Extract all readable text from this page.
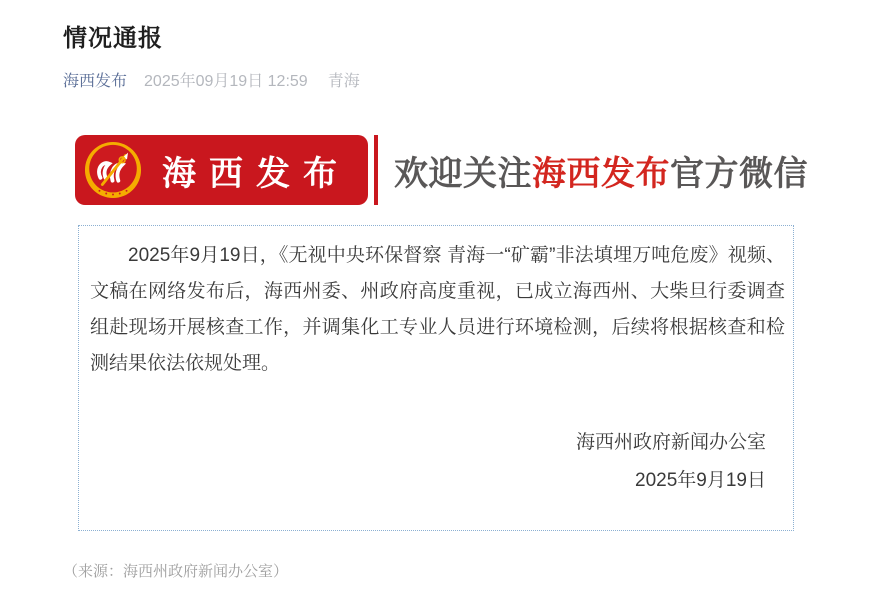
情况通报
海西发布 2025年09月19日 12:59 青海
海西发布 欢迎关注海西发布官方微信

2025年9月19日，《无视中央环保督察 青海一“矿霸”非法填埋万吨危废》视频、文稿在网络发布后，海西州委、州政府高度重视，已成立海西州、大柴旦行委调查组赴现场开展核查工作，并调集化工专业人员进行环境检测，后续将根据核查和检测结果依法依规处理。

海西州政府新闻办公室
2025年9月19日
（来源：海西州政府新闻办公室）
